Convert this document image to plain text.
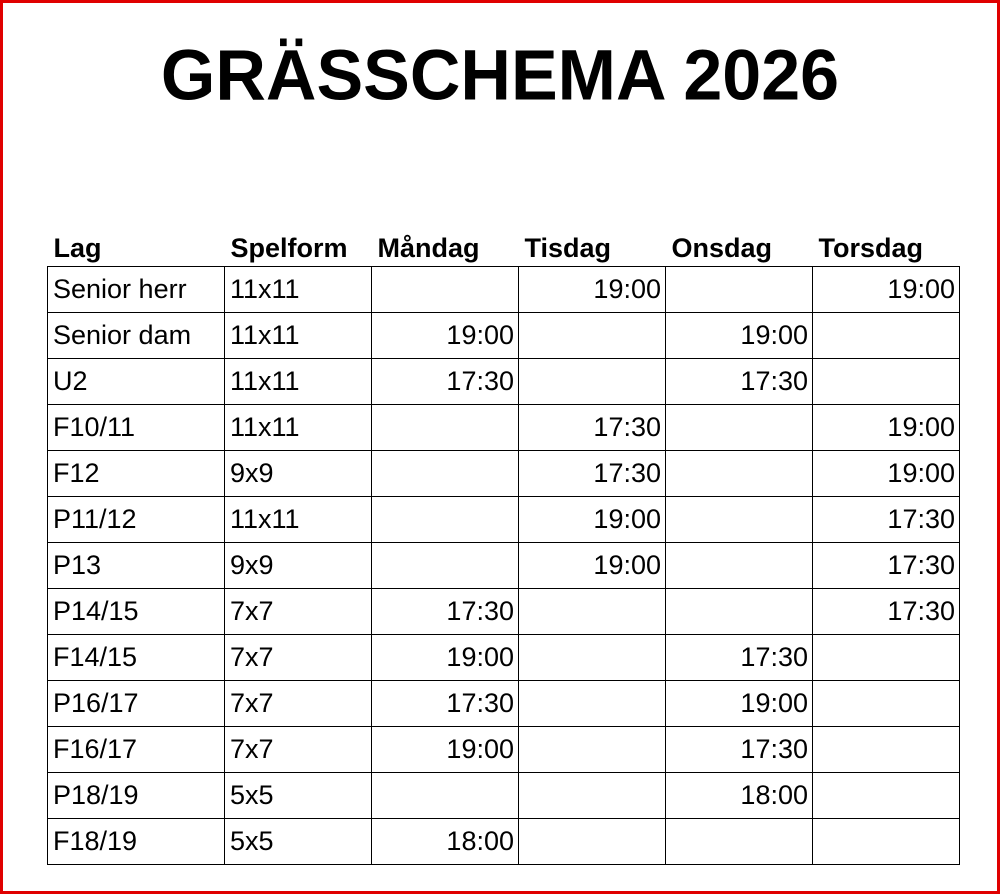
GRÄSSCHEMA 2026
Lag	Spelform	Måndag	Tisdag	Onsdag	Torsdag
Senior herr	11x11		19:00		19:00
Senior dam	11x11	19:00		19:00	
U2	11x11	17:30		17:30	
F10/11	11x11		17:30		19:00
F12	9x9		17:30		19:00
P11/12	11x11		19:00		17:30
P13	9x9		19:00		17:30
P14/15	7x7	17:30			17:30
F14/15	7x7	19:00		17:30	
P16/17	7x7	17:30		19:00	
F16/17	7x7	19:00		17:30	
P18/19	5x5			18:00	
F18/19	5x5	18:00			
